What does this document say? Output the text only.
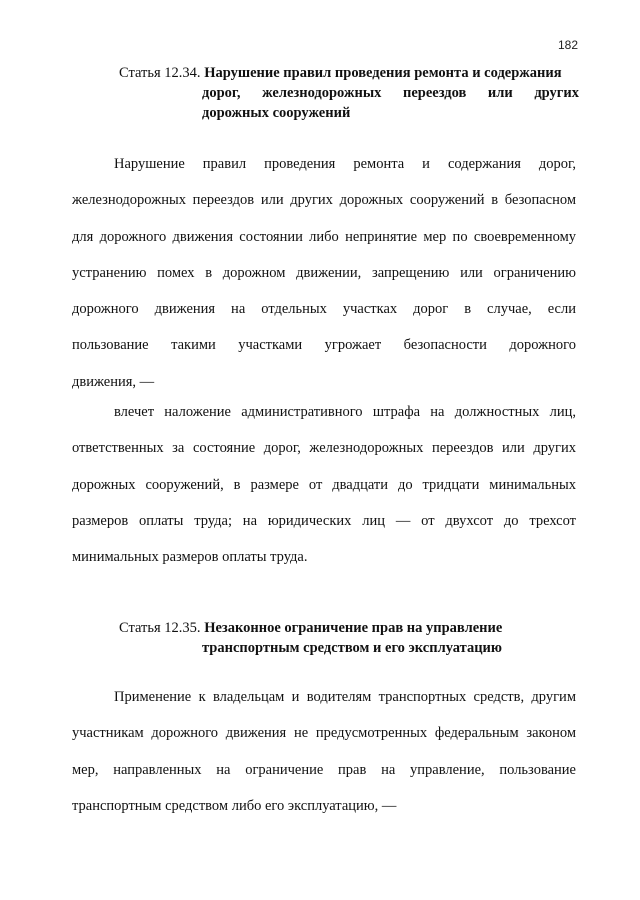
182
Статья 12.34. Нарушение правил проведения ремонта и содержания
дорог, железнодорожных переездов или других
дорожных сооружений
Нарушение правил проведения ремонта и содержания дорог,
железнодорожных переездов или других дорожных сооружений в безопасном
для дорожного движения состоянии либо непринятие мер по своевременному
устранению помех в дорожном движении, запрещению или ограничению
дорожного движения на отдельных участках дорог в случае, если
пользование такими участками угрожает безопасности дорожного
движения, —
влечет наложение административного штрафа на должностных лиц,
ответственных за состояние дорог, железнодорожных переездов или других
дорожных сооружений, в размере от двадцати до тридцати минимальных
размеров оплаты труда; на юридических лиц — от двухсот до трехсот
минимальных размеров оплаты труда.
Статья 12.35. Незаконное ограничение прав на управление
транспортным средством и его эксплуатацию
Применение к владельцам и водителям транспортных средств, другим
участникам дорожного движения не предусмотренных федеральным законом
мер, направленных на ограничение прав на управление, пользование
транспортным средством либо его эксплуатацию, —
